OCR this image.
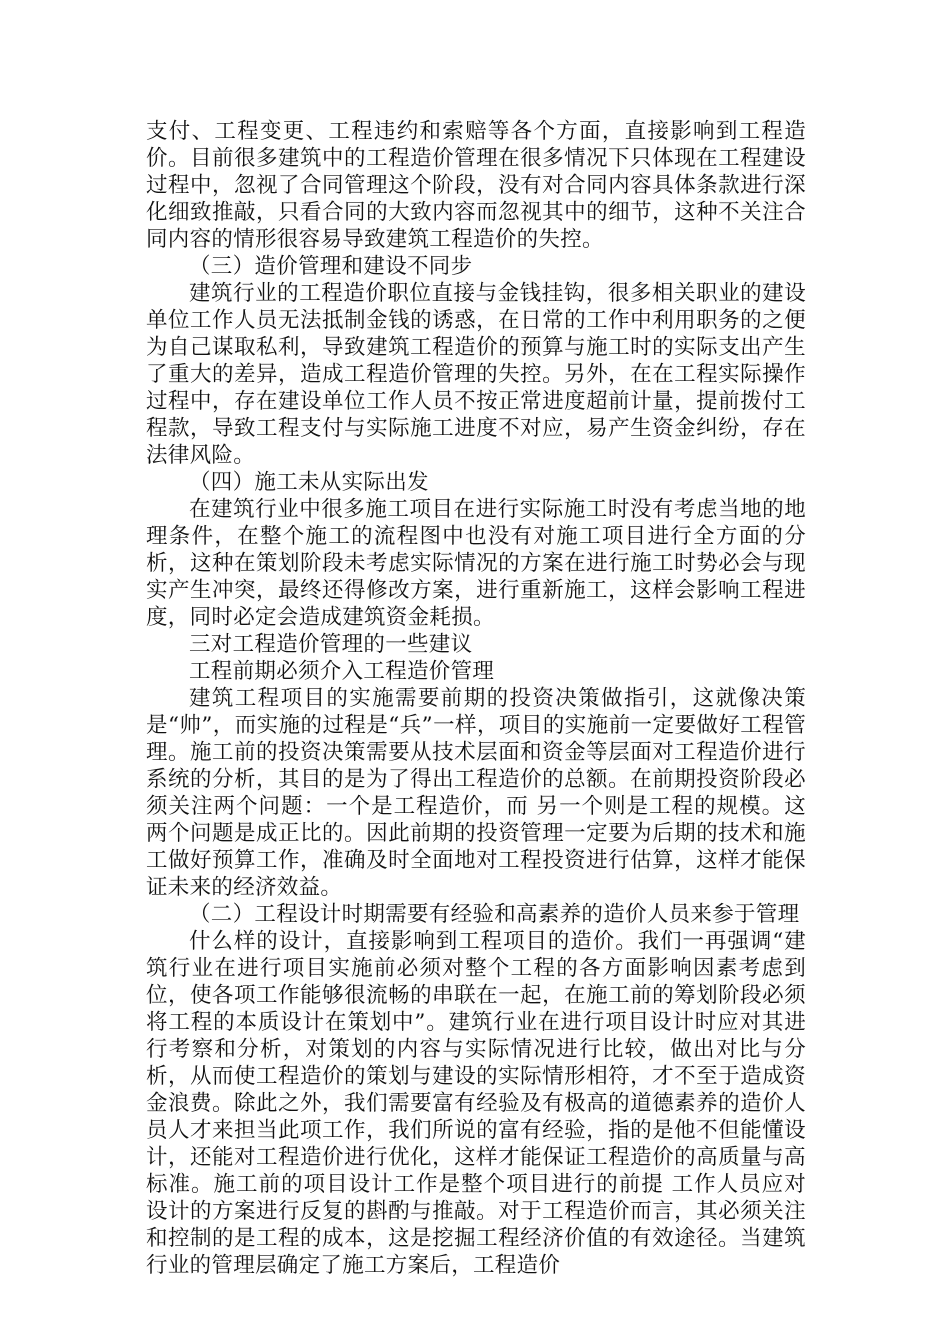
支付、工程变更、工程违约和索赔等各个方面，直接影响到工程造价。目前很多建筑中的工程造价管理在很多情况下只体现在工程建设过程中，忽视了合同管理这个阶段，没有对合同内容具体条款进行深化细致推敲，只看合同的大致内容而忽视其中的细节，这种不关注合同内容的情形很容易导致建筑工程造价的失控。

（三）造价管理和建设不同步

建筑行业的工程造价职位直接与金钱挂钩，很多相关职业的建设单位工作人员无法抵制金钱的诱惑，在日常的工作中利用职务的之便为自己谋取私利，导致建筑工程造价的预算与施工时的实际支出产生了重大的差异，造成工程造价管理的失控。另外，在在工程实际操作过程中，存在建设单位工作人员不按正常进度超前计量，提前拨付工程款，导致工程支付与实际施工进度不对应，易产生资金纠纷，存在法律风险。

（四）施工未从实际出发

在建筑行业中很多施工项目在进行实际施工时没有考虑当地的地理条件，在整个施工的流程图中也没有对施工项目进行全方面的分析，这种在策划阶段未考虑实际情况的方案在进行施工时势必会与现实产生冲突，最终还得修改方案，进行重新施工，这样会影响工程进度，同时必定会造成建筑资金耗损。

三对工程造价管理的一些建议

工程前期必须介入工程造价管理

建筑工程项目的实施需要前期的投资决策做指引，这就像决策是“帅”，而实施的过程是“兵”一样，项目的实施前一定要做好工程管理。施工前的投资决策需要从技术层面和资金等层面对工程造价进行系统的分析，其目的是为了得出工程造价的总额。在前期投资阶段必须关注两个问题：一个是工程造价，而 另一个则是工程的规模。这两个问题是成正比的。因此前期的投资管理一定要为后期的技术和施工做好预算工作，准确及时全面地对工程投资进行估算，这样才能保证未来的经济效益。

（二）工程设计时期需要有经验和高素养的造价人员来参于管理

什么样的设计，直接影响到工程项目的造价。我们一再强调“建筑行业在进行项目实施前必须对整个工程的各方面影响因素考虑到位，使各项工作能够很流畅的串联在一起，在施工前的筹划阶段必须将工程的本质设计在策划中”。建筑行业在进行项目设计时应对其进行考察和分析，对策划的内容与实际情况进行比较，做出对比与分析，从而使工程造价的策划与建设的实际情形相符，才不至于造成资金浪费。除此之外，我们需要富有经验及有极高的道德素养的造价人员人才来担当此项工作，我们所说的富有经验，指的是他不但能懂设计，还能对工程造价进行优化，这样才能保证工程造价的高质量与高标准。施工前的项目设计工作是整个项目进行的前提 工作人员应对设计的方案进行反复的斟酌与推敲。对于工程造价而言，其必须关注和控制的是工程的成本，这是挖掘工程经济价值的有效途径。当建筑行业的管理层确定了施工方案后，工程造价
